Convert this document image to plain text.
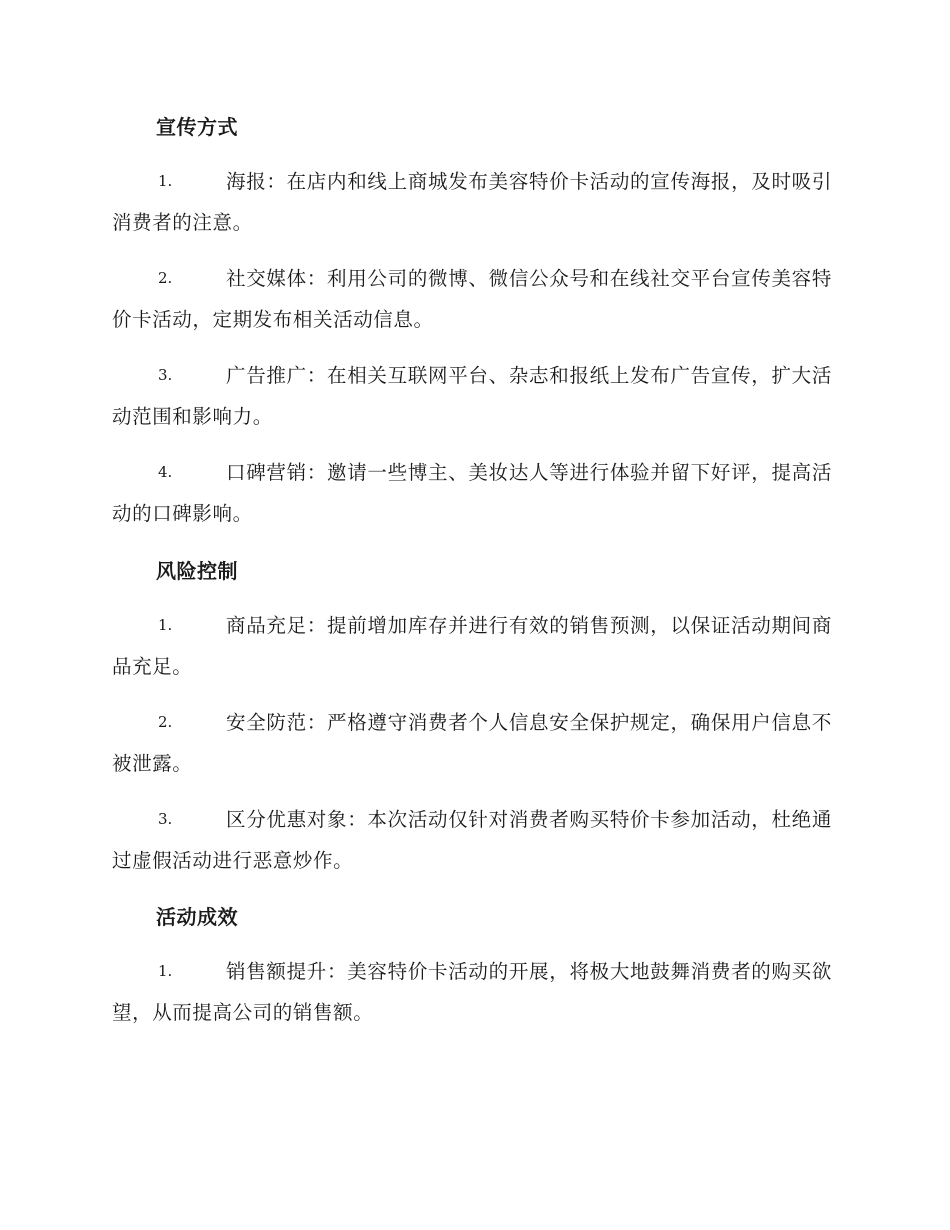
宣传方式

1.	海报：在店内和线上商城发布美容特价卡活动的宣传海报，及时吸引消费者的注意。

2.	社交媒体：利用公司的微博、微信公众号和在线社交平台宣传美容特价卡活动，定期发布相关活动信息。

3.	广告推广：在相关互联网平台、杂志和报纸上发布广告宣传，扩大活动范围和影响力。

4.	口碑营销：邀请一些博主、美妆达人等进行体验并留下好评，提高活动的口碑影响。

风险控制

1.	商品充足：提前增加库存并进行有效的销售预测，以保证活动期间商品充足。

2.	安全防范：严格遵守消费者个人信息安全保护规定，确保用户信息不被泄露。

3.	区分优惠对象：本次活动仅针对消费者购买特价卡参加活动，杜绝通过虚假活动进行恶意炒作。

活动成效

1.	销售额提升：美容特价卡活动的开展，将极大地鼓舞消费者的购买欲望，从而提高公司的销售额。
